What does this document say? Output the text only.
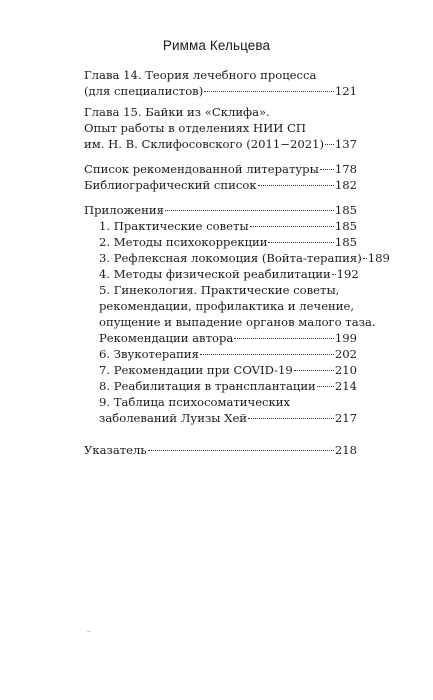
Римма Кельцева
Глава 14. Теория лечебного процесса
(для специалистов)	121
Глава 15. Байки из «Склифа».
Опыт работы в отделениях НИИ СП
им. Н. В. Склифосовского (2011−2021) 137
Список рекомендованной литературы 178
Библиографический список	182
Приложения	185
1. Практические советы	185
2. Методы психокоррекции	185
3. Рефлексная локомоция (Войта-терапия) 189
4. Методы физической реабилитации 192
5. Гинекология. Практические советы,
рекомендации, профилактика и лечение,
опущение и выпадение органов малого таза.
Рекомендации автора	199
6. Звукотерапия	202
7. Рекомендации при COVID-19	210
8. Реабилитация в трансплантации 214
9. Таблица психосоматических
заболеваний Луизы Хей	217
Указатель	218
